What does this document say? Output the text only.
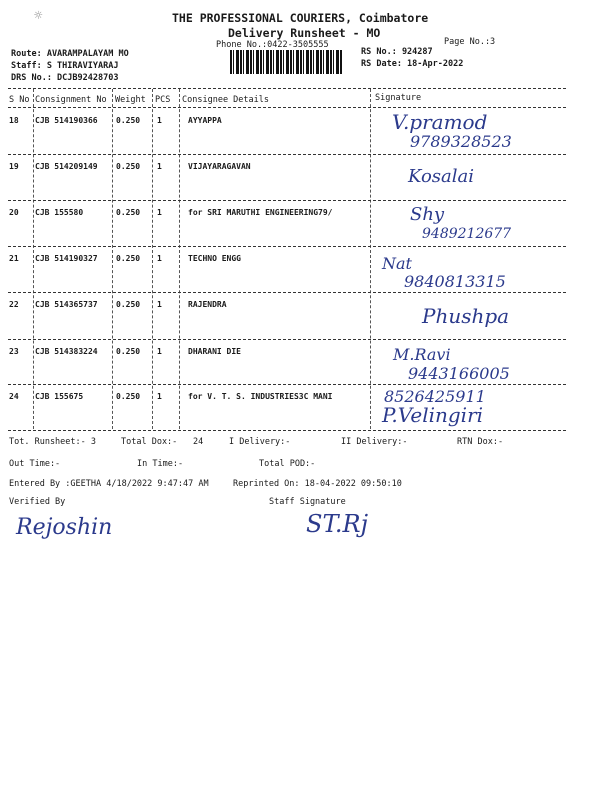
☼	THE PROFESSIONAL COURIERS, Coimbatore
Delivery Runsheet - MO
Phone No.:0422-3505555	Page No.:3
Route: AVARAMPALAYAM MO
Staff: S THIRAVIYARAJ
DRS No.: DCJB92428703
RS No.: 924287
RS Date: 18-Apr-2022
S No Consignment No Weight PCS Consignee Details	Signature
18 CJB 514190366 0.250 1	AYYAPPA	V.pramod
9789328523
19 CJB 514209149 0.250 1	VIJAYARAGAVAN	Kosalai
20 CJB 155580	0.250 1	for SRI MARUTHI ENGINEERING79/	Shy
9489212677
21 CJB 514190327 0.250 1	TECHNO ENGG	Nat
9840813315
22 CJB 514365737 0.250 1	RAJENDRA	Phushpa
23 CJB 514383224 0.250 1	DHARANI DIE	M.Ravi
9443166005
24 CJB 155675	0.250 1	for V. T. S. INDUSTRIES3C MANI	8526425911
P.Velingiri
Tot. Runsheet:- 3	Total Dox:- 24	I Delivery:-	II Delivery:-	RTN Dox:-
Out Time:-	In Time:-	Total POD:-
Entered By :GEETHA 4/18/2022 9:47:47 AM	Reprinted On: 18-04-2022 09:50:10
Verified By	Staff Signature
Rejoshin	ST.Rj
